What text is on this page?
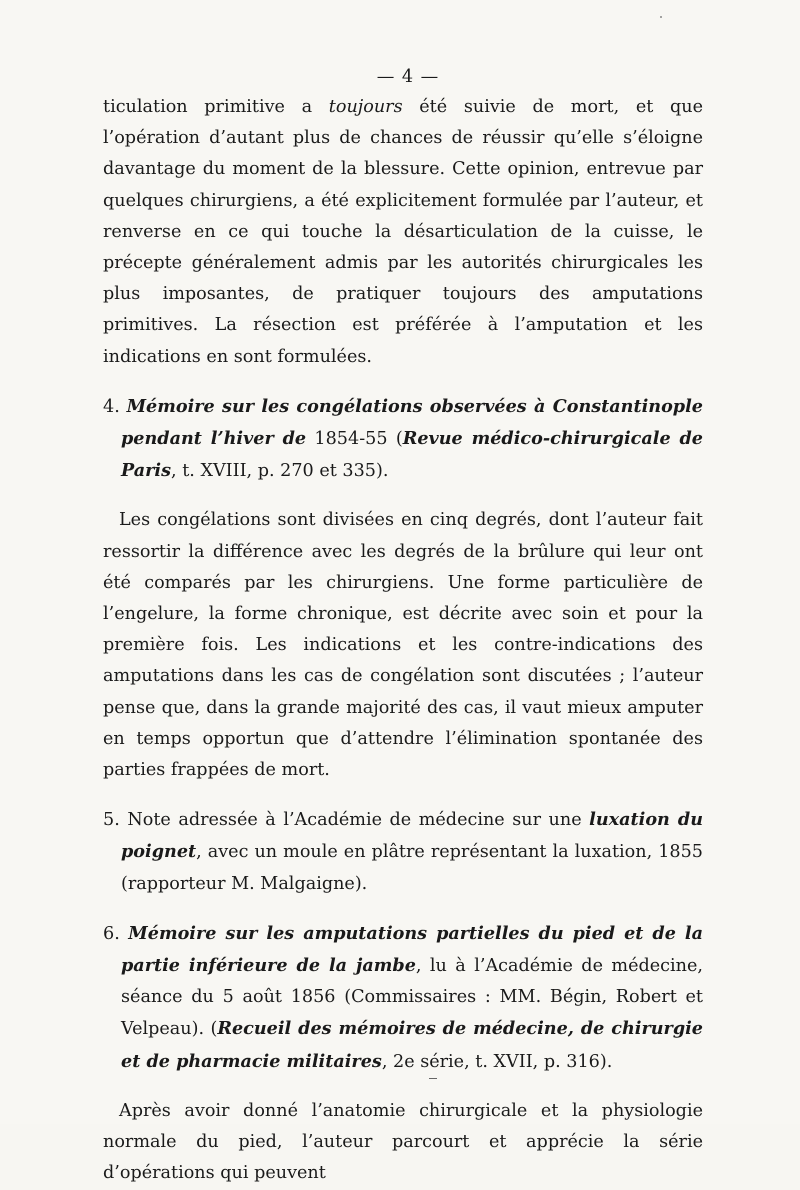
— 4 —

ticulation primitive a toujours été suivie de mort, et que l’opération d’autant plus de chances de réussir qu’elle s’éloigne davantage du moment de la blessure. Cette opinion, entrevue par quelques chirurgiens, a été explicitement formulée par l’auteur, et renverse en ce qui touche la désarticulation de la cuisse, le précepte généralement admis par les autorités chirurgicales les plus imposantes, de pratiquer toujours des amputations primitives. La résection est préférée à l’amputation et les indications en sont formulées.

4. Mémoire sur les congélations observées à Constantinople pendant l’hiver de 1854-55 (Revue médico-chirurgicale de Paris, t. XVIII, p. 270 et 335).

Les congélations sont divisées en cinq degrés, dont l’auteur fait ressortir la différence avec les degrés de la brûlure qui leur ont été comparés par les chirurgiens. Une forme particulière de l’engelure, la forme chronique, est décrite avec soin et pour la première fois. Les indications et les contre-indications des amputations dans les cas de congélation sont discutées ; l’auteur pense que, dans la grande majorité des cas, il vaut mieux amputer en temps opportun que d’attendre l’élimination spontanée des parties frappées de mort.

5. Note adressée à l’Académie de médecine sur une luxation du poignet, avec un moule en plâtre représentant la luxation, 1855 (rapporteur M. Malgaigne).

6. Mémoire sur les amputations partielles du pied et de la partie inférieure de la jambe, lu à l’Académie de médecine, séance du 5 août 1856 (Commissaires : MM. Bégin, Robert et Velpeau). (Recueil des mémoires de médecine, de chirurgie et de pharmacie militaires, 2e série, t. XVII, p. 316).

Après avoir donné l’anatomie chirurgicale et la physiologie normale du pied, l’auteur parcourt et apprécie la série d’opérations qui peuvent
